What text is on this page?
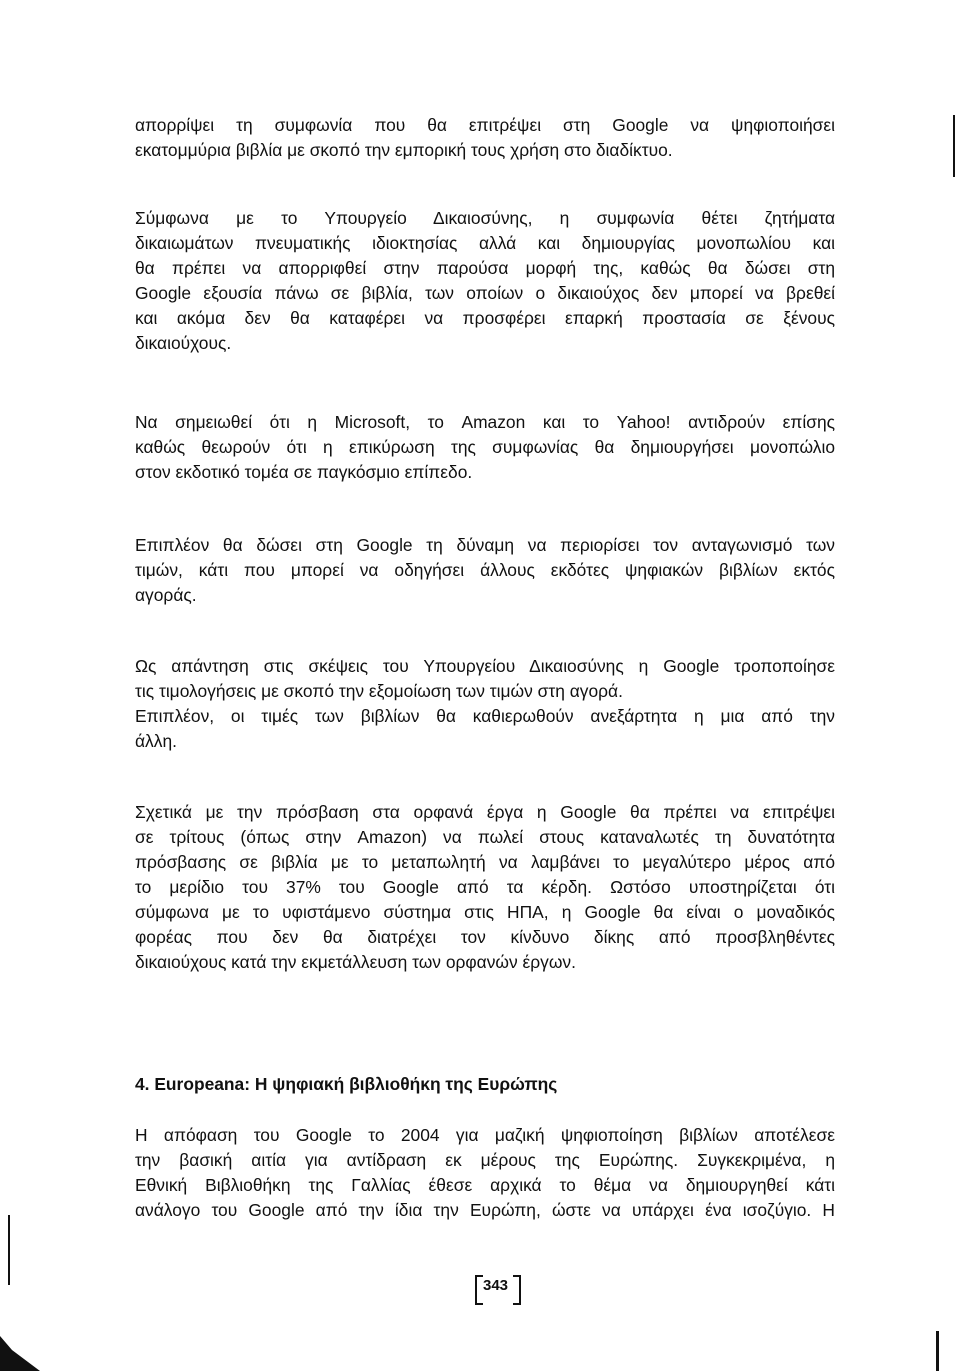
απορρίψει τη συμφωνία που θα επιτρέψει στη Google να ψηφιοποιήσει
εκατομμύρια βιβλία με σκοπό την εμπορική τους χρήση στο διαδίκτυο.

Σύμφωνα με το Υπουργείο Δικαιοσύνης, η συμφωνία θέτει ζητήματα
δικαιωμάτων πνευματικής ιδιοκτησίας αλλά και δημιουργίας μονοπωλίου και
θα πρέπει να απορριφθεί στην παρούσα μορφή της, καθώς θα δώσει στη
Google εξουσία πάνω σε βιβλία, των οποίων ο δικαιούχος δεν μπορεί να βρεθεί
και ακόμα δεν θα καταφέρει να προσφέρει επαρκή προστασία σε ξένους
δικαιούχους.

Να σημειωθεί ότι η Microsoft, το Amazon και το Yahoo! αντιδρούν επίσης
καθώς θεωρούν ότι η επικύρωση της συμφωνίας θα δημιουργήσει μονοπώλιο
στον εκδοτικό τομέα σε παγκόσμιο επίπεδο.

Επιπλέον θα δώσει στη Google τη δύναμη να περιορίσει τον ανταγωνισμό των
τιμών, κάτι που μπορεί να οδηγήσει άλλους εκδότες ψηφιακών βιβλίων εκτός
αγοράς.

Ως απάντηση στις σκέψεις του Υπουργείου Δικαιοσύνης η Google τροποποίησε
τις τιμολογήσεις με σκοπό την εξομοίωση των τιμών στη αγορά.
Επιπλέον, οι τιμές των βιβλίων θα καθιερωθούν ανεξάρτητα η μια από την
άλλη.

Σχετικά με την πρόσβαση στα ορφανά έργα η Google θα πρέπει να επιτρέψει
σε τρίτους (όπως στην Amazon) να πωλεί στους καταναλωτές τη δυνατότητα
πρόσβασης σε βιβλία με το μεταπωλητή να λαμβάνει το μεγαλύτερο μέρος από
το μερίδιο του 37% του Google από τα κέρδη. Ωστόσο υποστηρίζεται ότι
σύμφωνα με το υφιστάμενο σύστημα στις ΗΠΑ, η Google θα είναι ο μοναδικός
φορέας που δεν θα διατρέχει τον κίνδυνο δίκης από προσβληθέντες
δικαιούχους κατά την εκμετάλλευση των ορφανών έργων.

4. Europeana: Η ψηφιακή βιβλιοθήκη της Ευρώπης

Η απόφαση του Google το 2004 για μαζική ψηφιοποίηση βιβλίων αποτέλεσε
την βασική αιτία για αντίδραση εκ μέρους της Ευρώπης. Συγκεκριμένα, η
Εθνική Βιβλιοθήκη της Γαλλίας έθεσε αρχικά το θέμα να δημιουργηθεί κάτι
ανάλογο του Google από την ίδια την Ευρώπη, ώστε να υπάρχει ένα ισοζύγιο. Η

343
